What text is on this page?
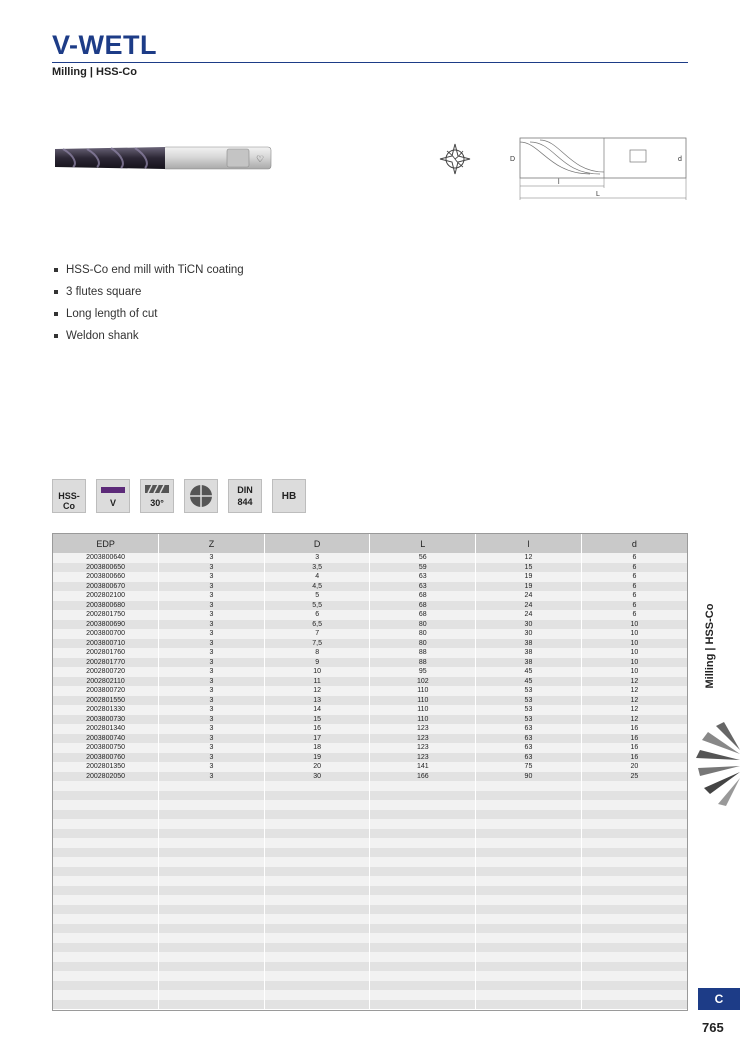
V-WETL
Milling | HSS-Co
♡	D	d
l
L
HSS-Co end mill with TiCN coating
3 flutes square
Long length of cut
Weldon shank
HSS-Co	V	30°
DIN
844	HB
EDP	Z	D	L	l	d
2003800640	3	3	56	12	6
2003800650	3	3,5	59	15	6
2003800660	3	4	63	19	6
2003800670	3	4,5	63	19	6
2002802100	3	5	68	24	6
2003800680	3	5,5	68	24	6
2002801750	3	6	68	24	6
2003800690	3	6,5	80	30	10
2003800700	3	7	80	30	10
2003800710	3	7,5	80	38	10
2002801760	3	8	88	38	10
2002801770	3	9	88	38	10
2002800720	3	10	95	45	10
2002802110	3	11	102	45	12
2003800720	3	12	110	53	12
2002801550	3	13	110	53	12
2002801330	3	14	110	53	12
2003800730	3	15	110	53	12
2002801340	3	16	123	63	16
2003800740	3	17	123	63	16
2003800750	3	18	123	63	16
2003800760	3	19	123	63	16
2002801350	3	20	141	75	20
2002802050	3	30	166	90	25

Milling | HSS-Co
C
765
